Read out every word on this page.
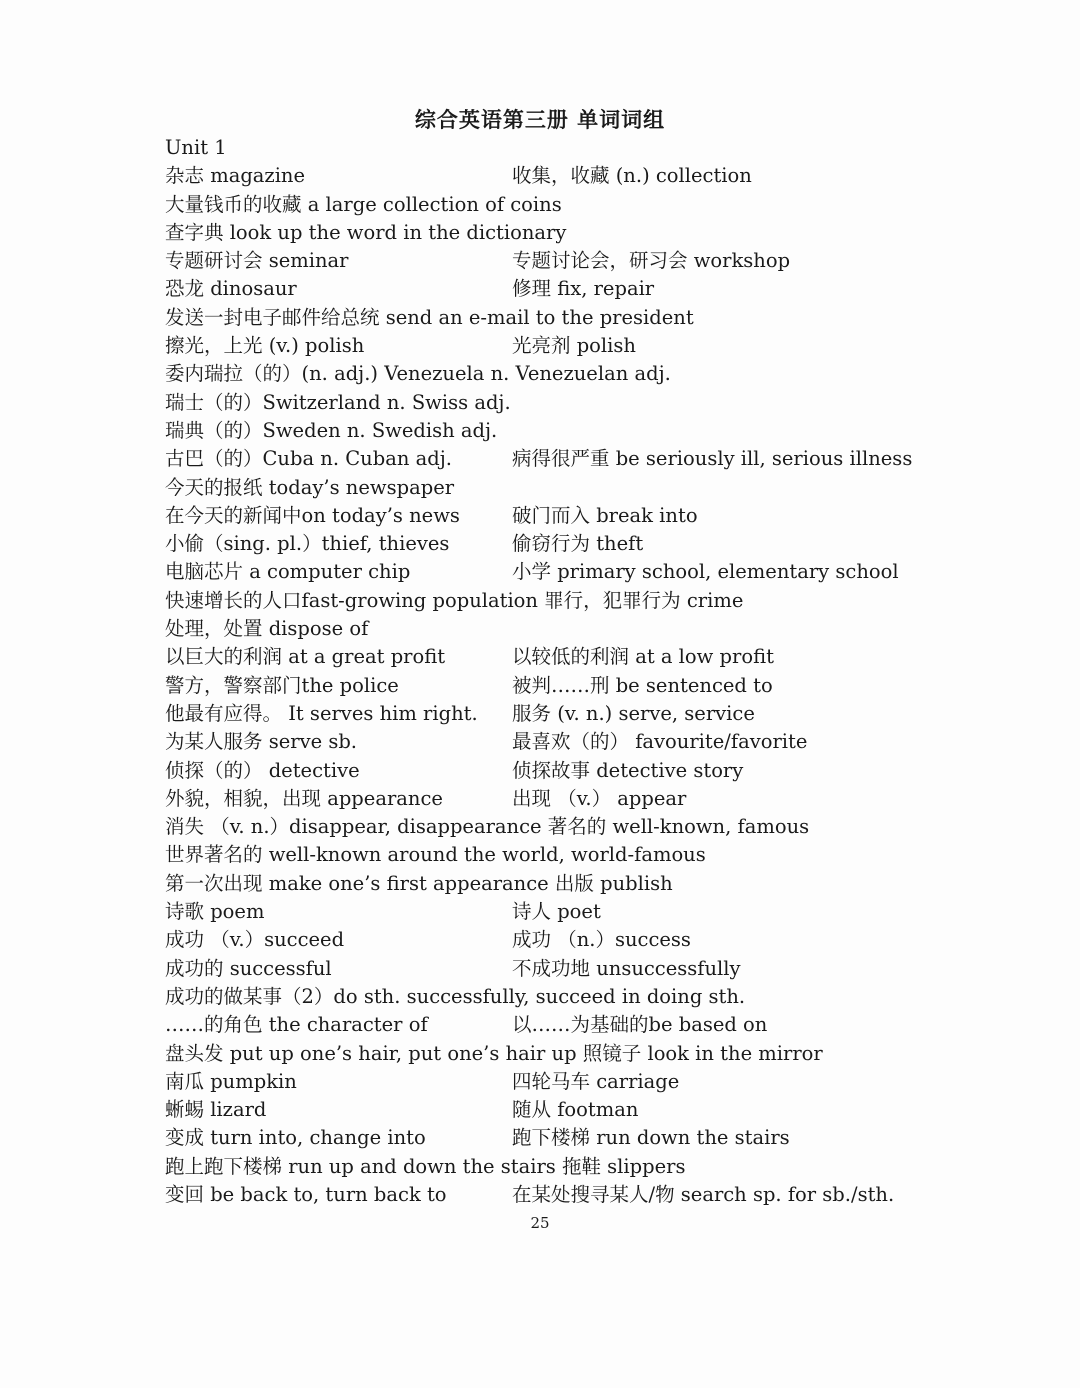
综合英语第三册 单词词组
Unit 1
杂志 magazine	收集，收藏 (n.) collection
大量钱币的收藏 a large collection of coins
查字典 look up the word in the dictionary
专题研讨会 seminar	专题讨论会，研习会 workshop
恐龙 dinosaur	修理 fix, repair
发送一封电子邮件给总统 send an e-mail to the president
擦光，上光 (v.) polish	光亮剂 polish
委内瑞拉（的）(n. adj.) Venezuela n. Venezuelan adj.
瑞士（的）Switzerland n. Swiss adj.
瑞典（的）Sweden n. Swedish adj.
古巴（的）Cuba n. Cuban adj.	病得很严重 be seriously ill, serious illness
今天的报纸 today’s newspaper
在今天的新闻中on today’s news	破门而入 break into
小偷（sing. pl.）thief, thieves	偷窃行为 theft
电脑芯片 a computer chip	小学 primary school, elementary school
快速增长的人口fast-growing population 罪行，犯罪行为 crime
处理，处置 dispose of
以巨大的利润 at a great profit	以较低的利润 at a low profit
警方，警察部门the police	被判……刑 be sentenced to
他最有应得。 It serves him right. 服务 (v. n.) serve, service
为某人服务 serve sb.	最喜欢（的） favourite/favorite
侦探（的） detective	侦探故事 detective story
外貌，相貌，出现 appearance	出现 （v.） appear
消失 （v. n.）disappear, disappearance 著名的 well-known, famous
世界著名的 well-known around the world, world-famous
第一次出现 make one’s first appearance 出版 publish
诗歌 poem	诗人 poet
成功 （v.）succeed	成功 （n.）success
成功的 successful	不成功地 unsuccessfully
成功的做某事（2）do sth. successfully, succeed in doing sth.
……的角色 the character of	以……为基础的be based on
盘头发 put up one’s hair, put one’s hair up 照镜子 look in the mirror
南瓜 pumpkin	四轮马车 carriage
蜥蜴 lizard	随从 footman
变成 turn into, change into	跑下楼梯 run down the stairs
跑上跑下楼梯 run up and down the stairs 拖鞋 slippers
变回 be back to, turn back to	在某处搜寻某人/物 search sp. for sb./sth.
25
